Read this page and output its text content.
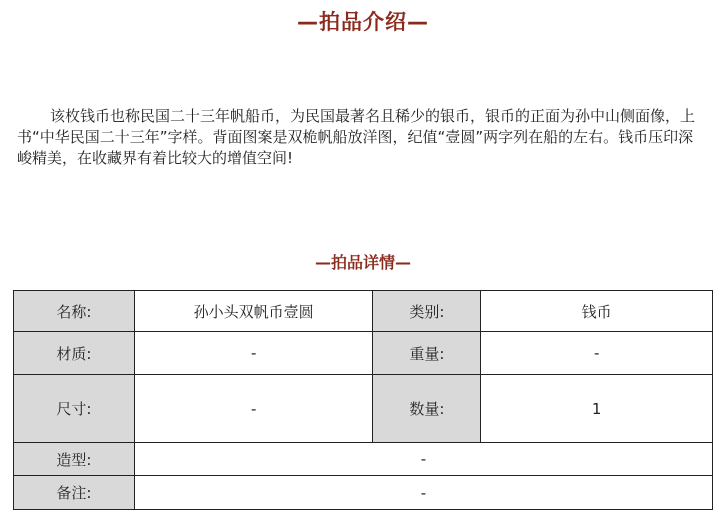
—拍品介绍—

该枚钱币也称民国二十三年帆船币，为民国最著名且稀少的银币，银币的正面为孙中山侧面像，上书“中华民国二十三年”字样。背面图案是双桅帆船放洋图，纪值“壹圆”两字列在船的左右。钱币压印深峻精美，在收藏界有着比较大的增值空间!

—拍品详情—
名称:	孙小头双帆币壹圆	类别:	钱币
材质:	-	重量:	-
尺寸:	-	数量:	1
造型:	-		
备注:	-		
